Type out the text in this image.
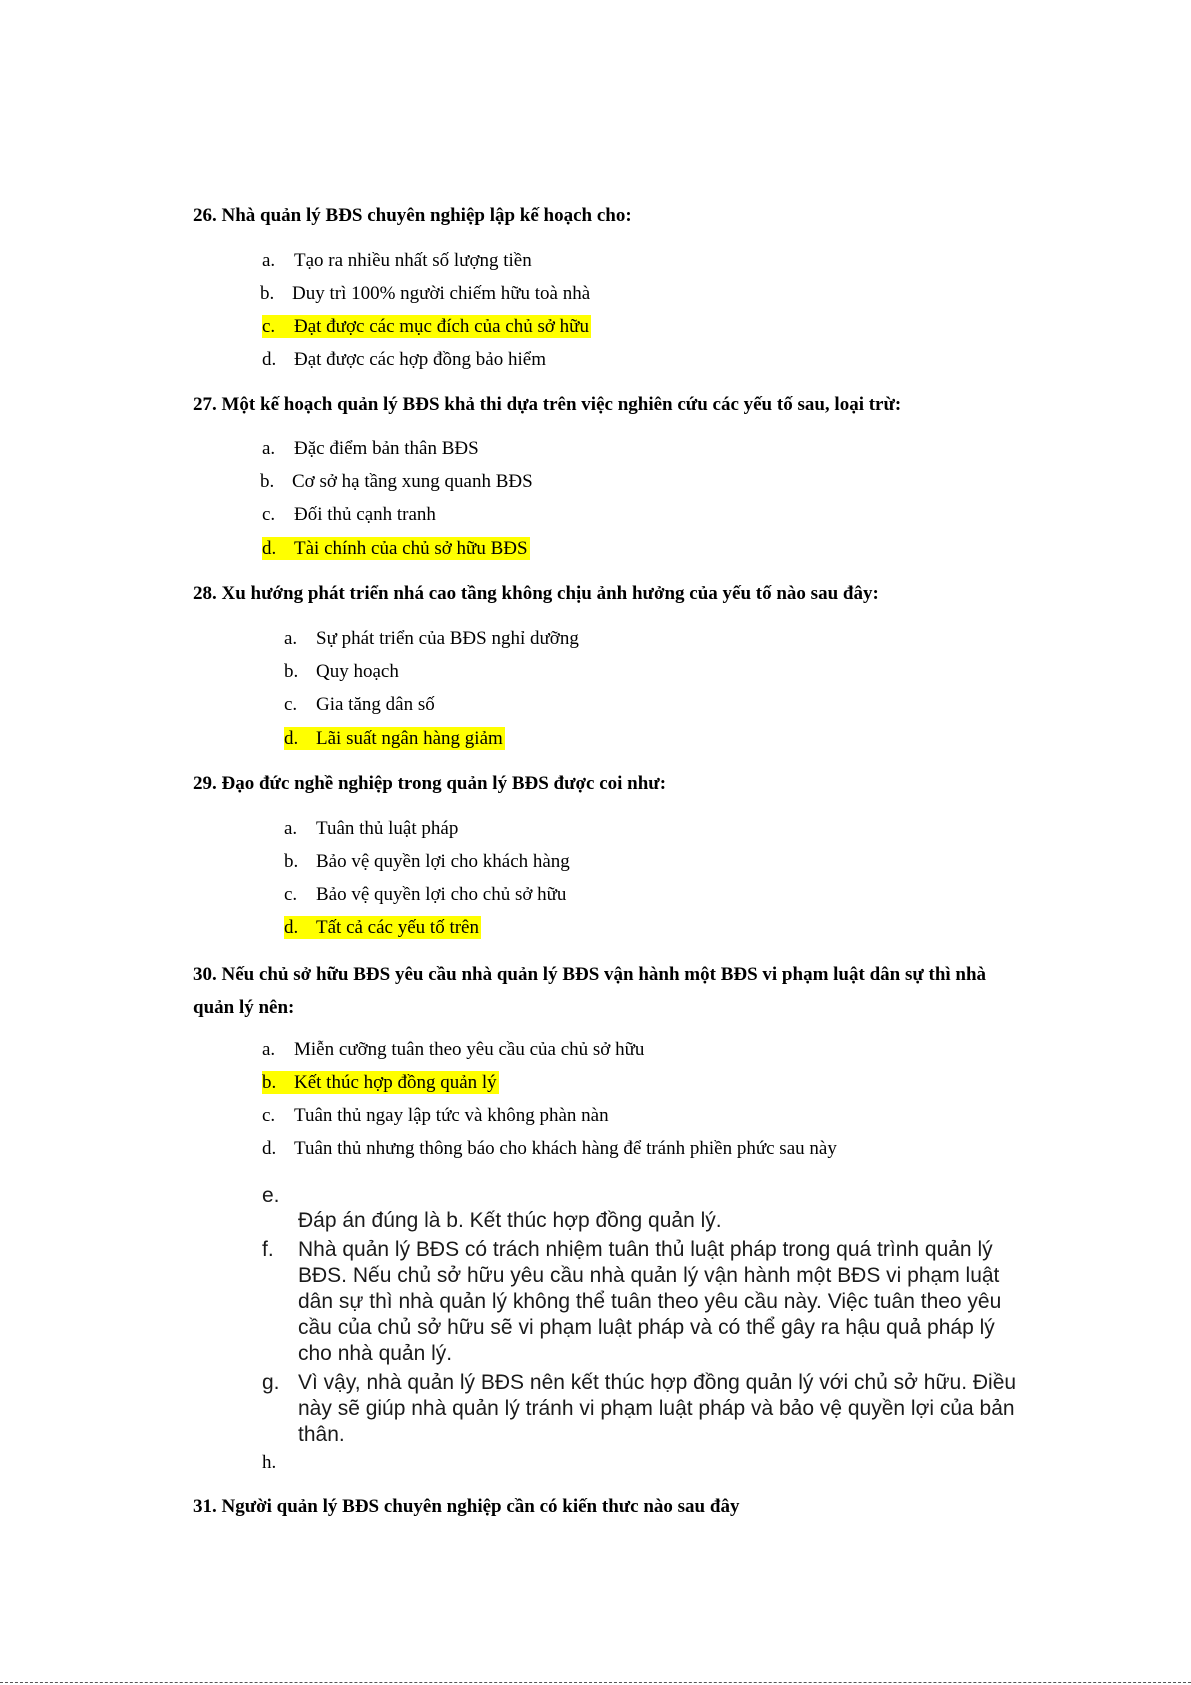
26. Nhà quản lý BĐS chuyên nghiệp lập kế hoạch cho:

a. Tạo ra nhiều nhất số lượng tiền
b. Duy trì 100% người chiếm hữu toà nhà
c. Đạt được các mục đích của chủ sở hữu
d. Đạt được các hợp đồng bảo hiểm

27. Một kế hoạch quản lý BĐS khả thi dựa trên việc nghiên cứu các yếu tố sau, loại trừ:

a. Đặc điểm bản thân BĐS
b. Cơ sở hạ tầng xung quanh BĐS
c. Đối thủ cạnh tranh
d. Tài chính của chủ sở hữu BĐS

28. Xu hướng phát triển nhá cao tầng không chịu ảnh hưởng của yếu tố nào sau đây:

a. Sự phát triển của BĐS nghỉ dưỡng
b. Quy hoạch
c. Gia tăng dân số
d. Lãi suất ngân hàng giảm

29. Đạo đức nghề nghiệp trong quản lý BĐS được coi như:

a. Tuân thủ luật pháp
b. Bảo vệ quyền lợi cho khách hàng
c. Bảo vệ quyền lợi cho chủ sở hữu
d. Tất cả các yếu tố trên

30. Nếu chủ sở hữu BĐS yêu cầu nhà quản lý BĐS vận hành một BĐS vi phạm luật dân sự thì nhà

quản lý nên:

a. Miễn cưỡng tuân theo yêu cầu của chủ sở hữu
b. Kết thúc hợp đồng quản lý
c. Tuân thủ ngay lập tức và không phàn nàn
d. Tuân thủ nhưng thông báo cho khách hàng để tránh phiền phức sau này
e.
Đáp án đúng là b. Kết thúc hợp đồng quản lý.
f. Nhà quản lý BĐS có trách nhiệm tuân thủ luật pháp trong quá trình quản lý
BĐS. Nếu chủ sở hữu yêu cầu nhà quản lý vận hành một BĐS vi phạm luật
dân sự thì nhà quản lý không thể tuân theo yêu cầu này. Việc tuân theo yêu
cầu của chủ sở hữu sẽ vi phạm luật pháp và có thể gây ra hậu quả pháp lý
cho nhà quản lý.
g. Vì vậy, nhà quản lý BĐS nên kết thúc hợp đồng quản lý với chủ sở hữu. Điều
này sẽ giúp nhà quản lý tránh vi phạm luật pháp và bảo vệ quyền lợi của bản
thân.
h.

31. Người quản lý BĐS chuyên nghiệp cần có kiến thưc nào sau đây
